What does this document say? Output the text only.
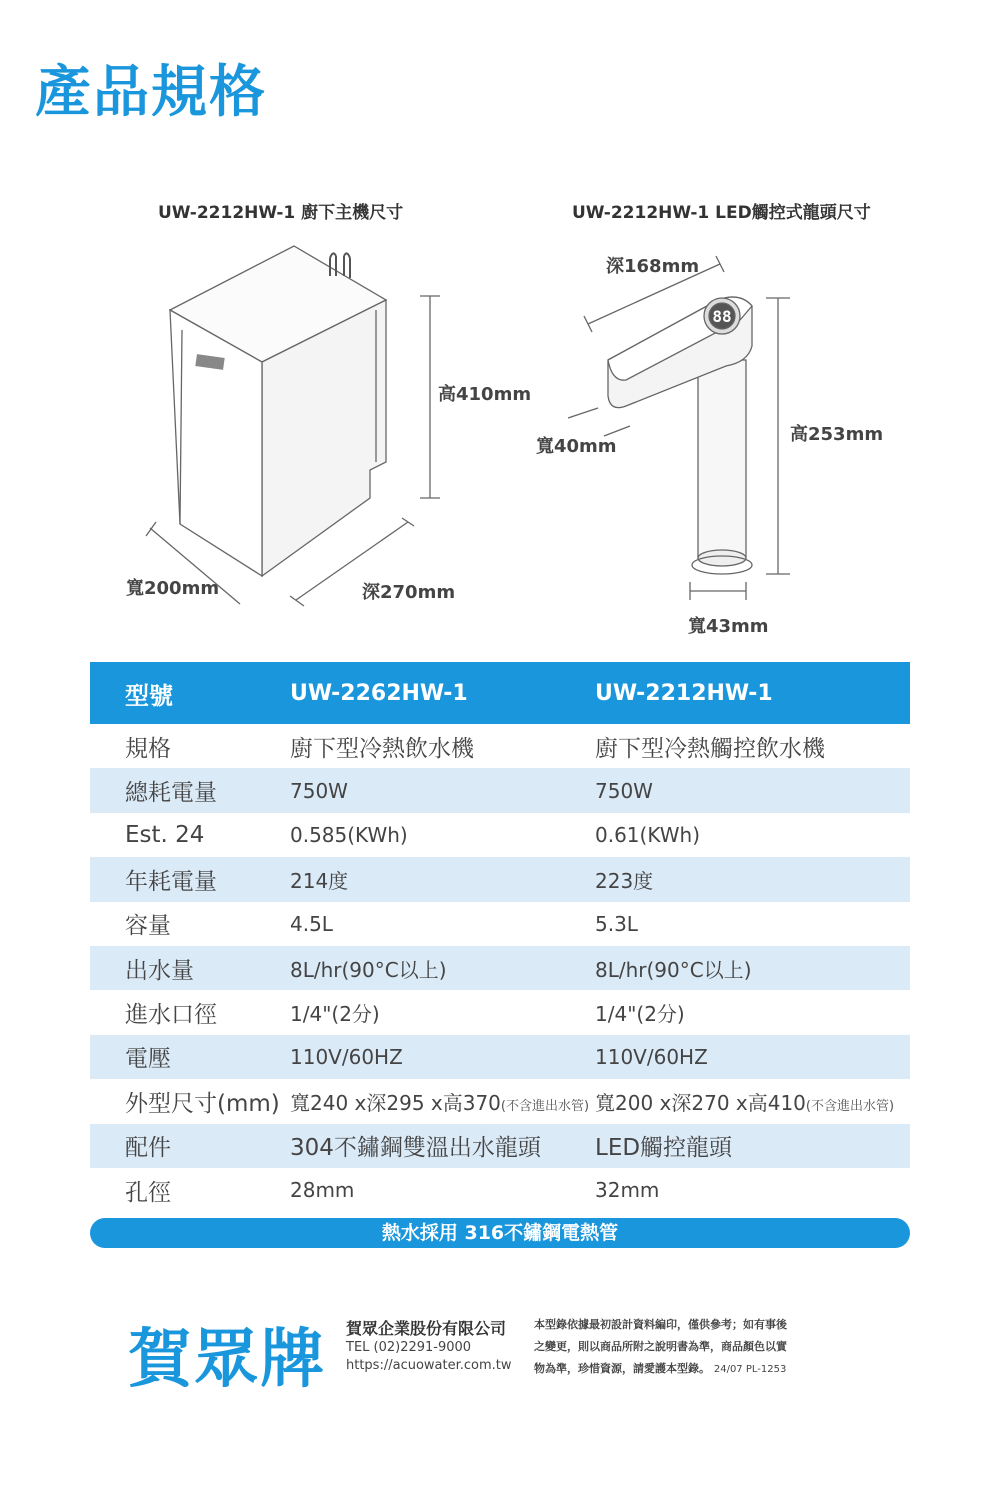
產品規格
UW-2212HW-1 廚下主機尺寸	UW-2212HW-1 LED觸控式龍頭尺寸
88
高410mm
寬200mm	深270mm
深168mm
寬40mm
高253mm
寬43mm
型號	UW-2262HW-1	UW-2212HW-1
規格	廚下型冷熱飲水機	廚下型冷熱觸控飲水機
總耗電量	750W	750W
Est. 24	0.585(KWh)	0.61(KWh)
年耗電量	214度	223度
容量	4.5L	5.3L
出水量	8L/hr(90°C以上)	8L/hr(90°C以上)
進水口徑	1/4"(2分)	1/4"(2分)
電壓	110V/60HZ	110V/60HZ
外型尺寸(mm)	寬240 x深295 x高370(不含進出水管)	寬200 x深270 x高410(不含進出水管)
配件	304不鏽鋼雙溫出水龍頭	LED觸控龍頭
孔徑	28mm	32mm
熱水採用 316不鏽鋼電熱管
賀眾牌 賀眾企業股份有限公司
TEL (02)2291-9000
https://acuowater.com.tw
本型錄依據最初設計資料編印，僅供參考；如有事後
之變更，則以商品所附之說明書為準，商品顏色以實
物為準，珍惜資源，請愛護本型錄。 24/07 PL-1253
